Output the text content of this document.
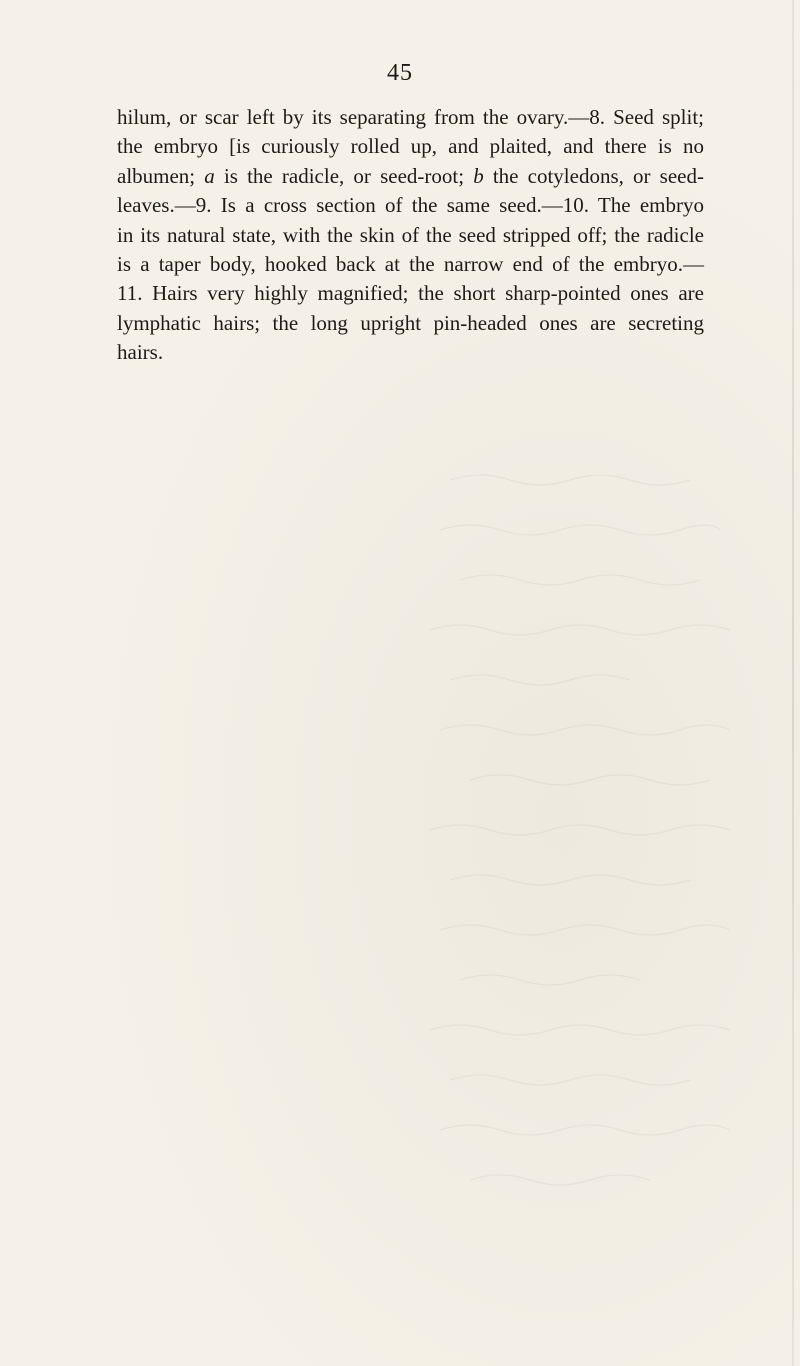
45
hilum, or scar left by its separating from the ovary.—8. Seed split;
the embryo [is curiously rolled up, and plaited, and there is no
albumen; a is the radicle, or seed-root; b the cotyledons, or seed-
leaves.—9. Is a cross section of the same seed.—10. The embryo
in its natural state, with the skin of the seed stripped off; the radicle
is a taper body, hooked back at the narrow end of the embryo.—
11. Hairs very highly magnified; the short sharp-pointed ones are
lymphatic hairs; the long upright pin-headed ones are secreting
hairs.
